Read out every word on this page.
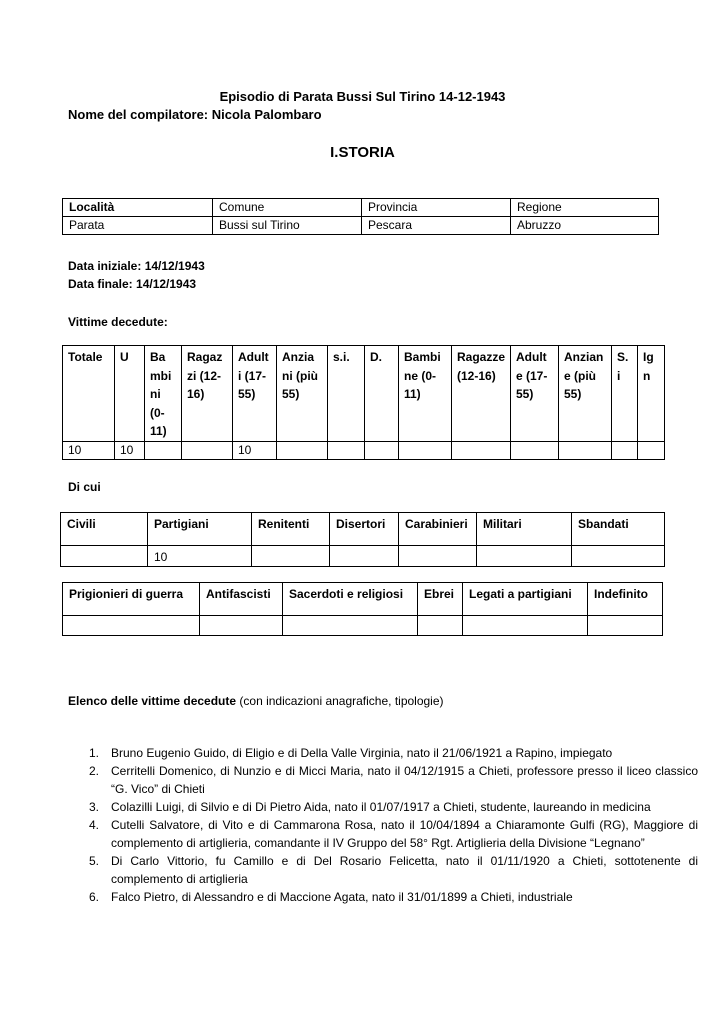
Episodio di Parata Bussi Sul Tirino 14-12-1943
Nome del compilatore: Nicola Palombaro
I.STORIA
Località	Comune	Provincia	Regione
Parata	Bussi sul Tirino	Pescara	Abruzzo
Data iniziale: 14/12/1943
Data finale: 14/12/1943
Vittime decedute:
Totale	U	Ba
mbi
ni
(0-
11)	Ragaz
zi (12-
16)	Adult
i (17-
55)	Anzia
ni (più
55)	s.i.	D.	Bambi
ne (0-
11)	Ragazze
(12-16)	Adult
e (17-
55)	Anzian
e (più
55)	S.
i	Ig
n
10	10			10									
Di cui
Civili	Partigiani	Renitenti	Disertori	Carabinieri	Militari	Sbandati
	10					
Prigionieri di guerra	Antifascisti	Sacerdoti e religiosi	Ebrei	Legati a partigiani	Indefinito

Elenco delle vittime decedute (con indicazioni anagrafiche, tipologie)
1. Bruno Eugenio Guido, di Eligio e di Della Valle Virginia, nato il 21/06/1921 a Rapino, impiegato
2. Cerritelli Domenico, di Nunzio e di Micci Maria, nato il 04/12/1915 a Chieti, professore presso il liceo classico “G. Vico” di Chieti
3. Colazilli Luigi, di Silvio e di Di Pietro Aida, nato il 01/07/1917 a Chieti, studente, laureando in medicina
4. Cutelli Salvatore, di Vito e di Cammarona Rosa, nato il 10/04/1894 a Chiaramonte Gulfi (RG), Maggiore di complemento di artiglieria, comandante il IV Gruppo del 58° Rgt. Artiglieria della Divisione “Legnano”
5. Di Carlo Vittorio, fu Camillo e di Del Rosario Felicetta, nato il 01/11/1920 a Chieti, sottotenente di complemento di artiglieria
6. Falco Pietro, di Alessandro e di Maccione Agata, nato il 31/01/1899 a Chieti, industriale
